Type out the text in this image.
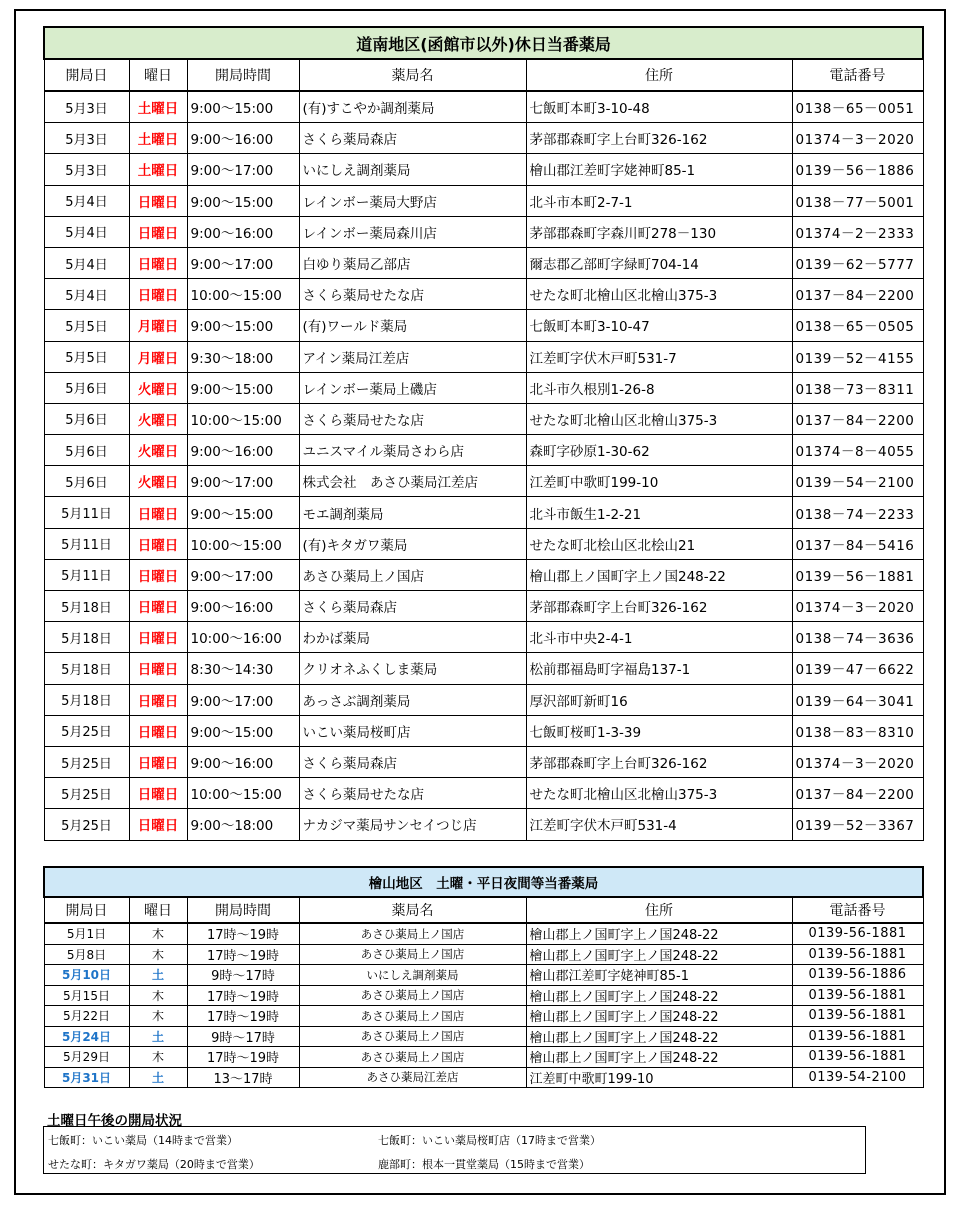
道南地区(函館市以外)休日当番薬局					
開局日	曜日	開局時間	薬局名	住所	電話番号
5月3日	土曜日	9:00～15:00	(有)すこやか調剤薬局	七飯町本町3-10-48	0138－65－0051
5月3日	土曜日	9:00～16:00	さくら薬局森店	茅部郡森町字上台町326-162	01374－3－2020
5月3日	土曜日	9:00～17:00	いにしえ調剤薬局	檜山郡江差町字姥神町85-1	0139－56－1886
5月4日	日曜日	9:00～15:00	レインボー薬局大野店	北斗市本町2-7-1	0138－77－5001
5月4日	日曜日	9:00～16:00	レインボー薬局森川店	茅部郡森町字森川町278－130	01374－2－2333
5月4日	日曜日	9:00～17:00	白ゆり薬局乙部店	爾志郡乙部町字緑町704-14	0139－62－5777
5月4日	日曜日	10:00～15:00	さくら薬局せたな店	せたな町北檜山区北檜山375-3	0137－84－2200
5月5日	月曜日	9:00～15:00	(有)ワールド薬局	七飯町本町3-10-47	0138－65－0505
5月5日	月曜日	9:30～18:00	アイン薬局江差店	江差町字伏木戸町531-7	0139－52－4155
5月6日	火曜日	9:00～15:00	レインボー薬局上磯店	北斗市久根別1-26-8	0138－73－8311
5月6日	火曜日	10:00～15:00	さくら薬局せたな店	せたな町北檜山区北檜山375-3	0137－84－2200
5月6日	火曜日	9:00～16:00	ユニスマイル薬局さわら店	森町字砂原1-30-62	01374－8－4055
5月6日	火曜日	9:00～17:00	株式会社　あさひ薬局江差店	江差町中歌町199-10	0139－54－2100
5月11日	日曜日	9:00～15:00	モエ調剤薬局	北斗市飯生1-2-21	0138－74－2233
5月11日	日曜日	10:00～15:00	(有)キタガワ薬局	せたな町北桧山区北桧山21	0137－84－5416
5月11日	日曜日	9:00～17:00	あさひ薬局上ノ国店	檜山郡上ノ国町字上ノ国248-22	0139－56－1881
5月18日	日曜日	9:00～16:00	さくら薬局森店	茅部郡森町字上台町326-162	01374－3－2020
5月18日	日曜日	10:00～16:00	わかば薬局	北斗市中央2-4-1	0138－74－3636
5月18日	日曜日	8:30～14:30	クリオネふくしま薬局	松前郡福島町字福島137-1	0139－47－6622
5月18日	日曜日	9:00～17:00	あっさぶ調剤薬局	厚沢部町新町16	0139－64－3041
5月25日	日曜日	9:00～15:00	いこい薬局桜町店	七飯町桜町1-3-39	0138－83－8310
5月25日	日曜日	9:00～16:00	さくら薬局森店	茅部郡森町字上台町326-162	01374－3－2020
5月25日	日曜日	10:00～15:00	さくら薬局せたな店	せたな町北檜山区北檜山375-3	0137－84－2200
5月25日	日曜日	9:00～18:00	ナカジマ薬局サンセイつじ店	江差町字伏木戸町531-4	0139－52－3367
檜山地区　土曜・平日夜間等当番薬局					
開局日	曜日	開局時間	薬局名	住所	電話番号
5月1日	木	17時～19時	あさひ薬局上ノ国店	檜山郡上ノ国町字上ノ国248-22	0139-56-1881
5月8日	木	17時～19時	あさひ薬局上ノ国店	檜山郡上ノ国町字上ノ国248-22	0139-56-1881
5月10日	土	9時～17時	いにしえ調剤薬局	檜山郡江差町字姥神町85-1	0139-56-1886
5月15日	木	17時～19時	あさひ薬局上ノ国店	檜山郡上ノ国町字上ノ国248-22	0139-56-1881
5月22日	木	17時～19時	あさひ薬局上ノ国店	檜山郡上ノ国町字上ノ国248-22	0139-56-1881
5月24日	土	9時～17時	あさひ薬局上ノ国店	檜山郡上ノ国町字上ノ国248-22	0139-56-1881
5月29日	木	17時～19時	あさひ薬局上ノ国店	檜山郡上ノ国町字上ノ国248-22	0139-56-1881
5月31日	土	13～17時	あさひ薬局江差店	江差町中歌町199-10	0139-54-2100
土曜日午後の開局状況
七飯町：いこい薬局（14時まで営業）	七飯町：いこい薬局桜町店（17時まで営業）
せたな町：キタガワ薬局（20時まで営業）	鹿部町：根本一貫堂薬局（15時まで営業）
